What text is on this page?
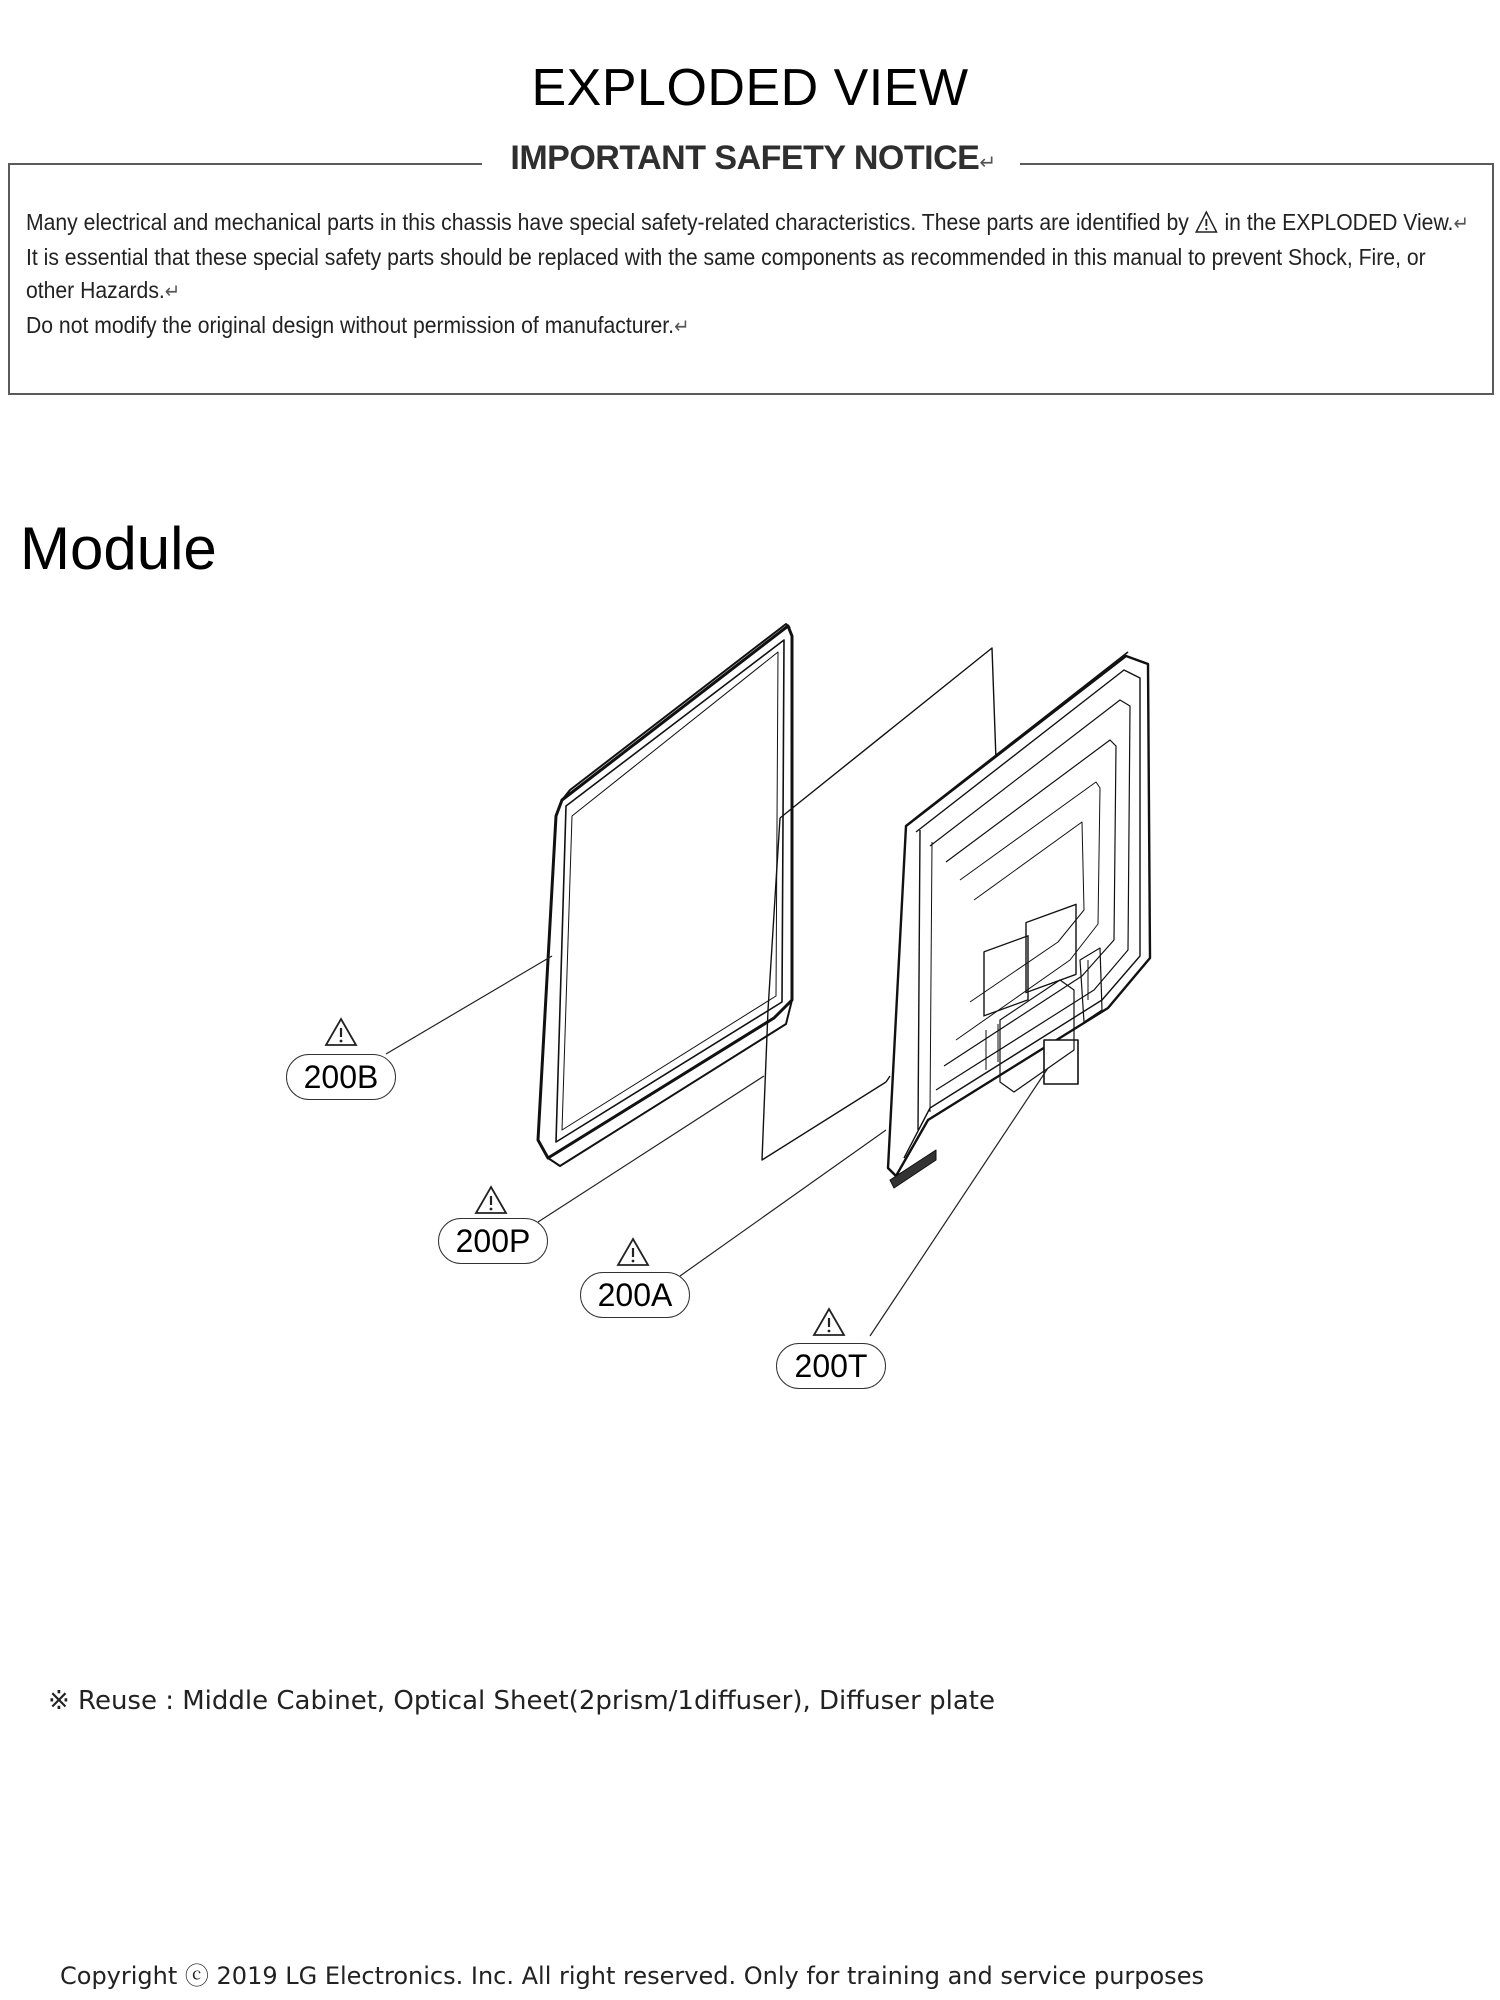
EXPLODED VIEW
IMPORTANT SAFETY NOTICE↵

Many electrical and mechanical parts in this chassis have special safety-related characteristics. These parts are identified by in the EXPLODED View.↵

It is essential that these special safety parts should be replaced with the same components as recommended in this manual to prevent Shock, Fire, or other Hazards.↵

Do not modify the original design without permission of manufacturer.↵

Module
200B
200P
200A
200T
※ Reuse : Middle Cabinet, Optical Sheet(2prism/1diffuser), Diffuser plate
Copyright ⓒ 2019 LG Electronics. Inc. All right reserved. Only for training and service purposes
